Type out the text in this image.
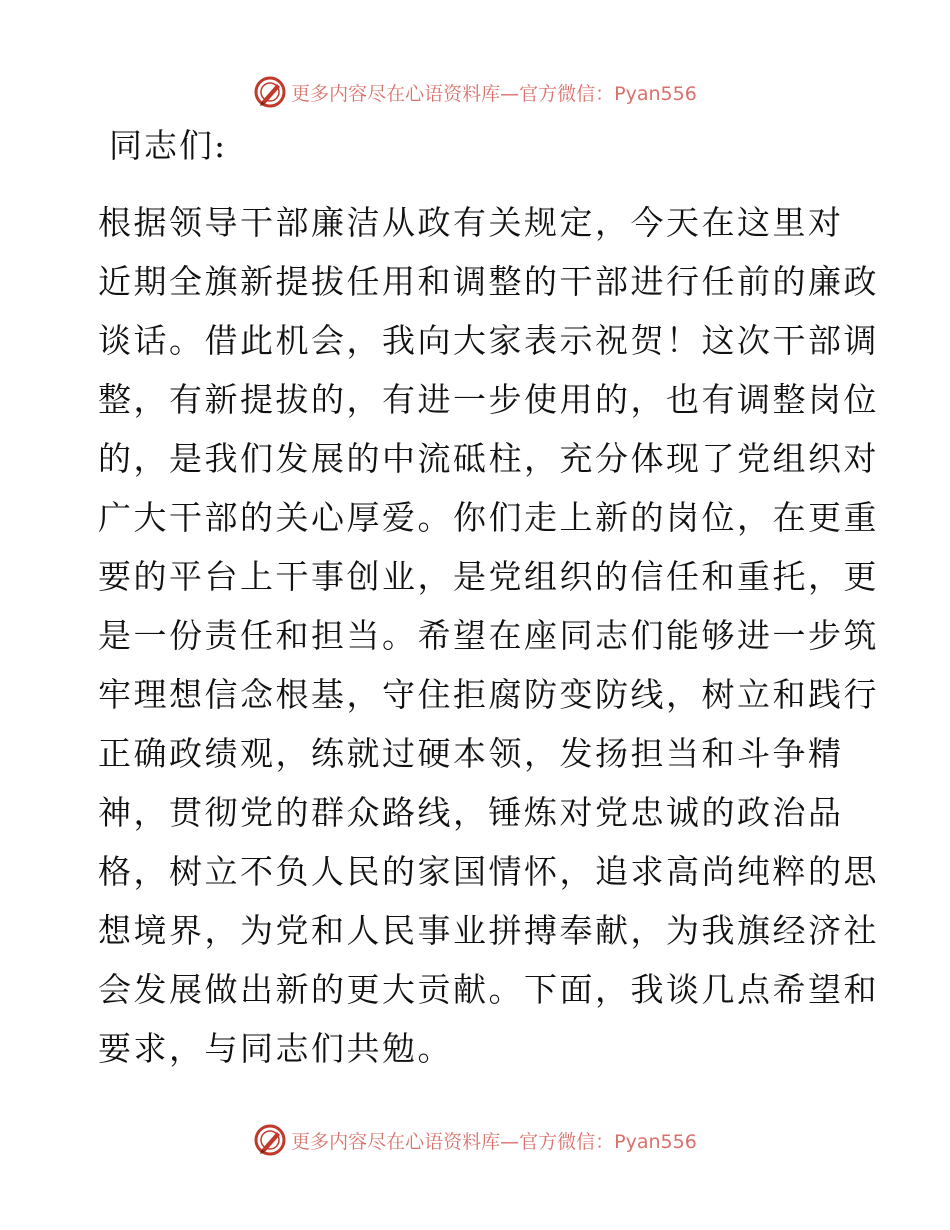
更多内容尽在心语资料库—官方微信：Pyan556
同志们:

根据领导干部廉洁从政有关规定，今天在这里对
近期全旗新提拔任用和调整的干部进行任前的廉政
谈话。借此机会，我向大家表示祝贺！这次干部调
整，有新提拔的，有进一步使用的，也有调整岗位
的，是我们发展的中流砥柱，充分体现了党组织对
广大干部的关心厚爱。你们走上新的岗位，在更重
要的平台上干事创业，是党组织的信任和重托，更
是一份责任和担当。希望在座同志们能够进一步筑
牢理想信念根基，守住拒腐防变防线，树立和践行
正确政绩观，练就过硬本领，发扬担当和斗争精
神，贯彻党的群众路线，锤炼对党忠诚的政治品
格，树立不负人民的家国情怀，追求高尚纯粹的思
想境界，为党和人民事业拼搏奉献，为我旗经济社
会发展做出新的更大贡献。下面，我谈几点希望和
要求，与同志们共勉。

更多内容尽在心语资料库—官方微信：Pyan556
